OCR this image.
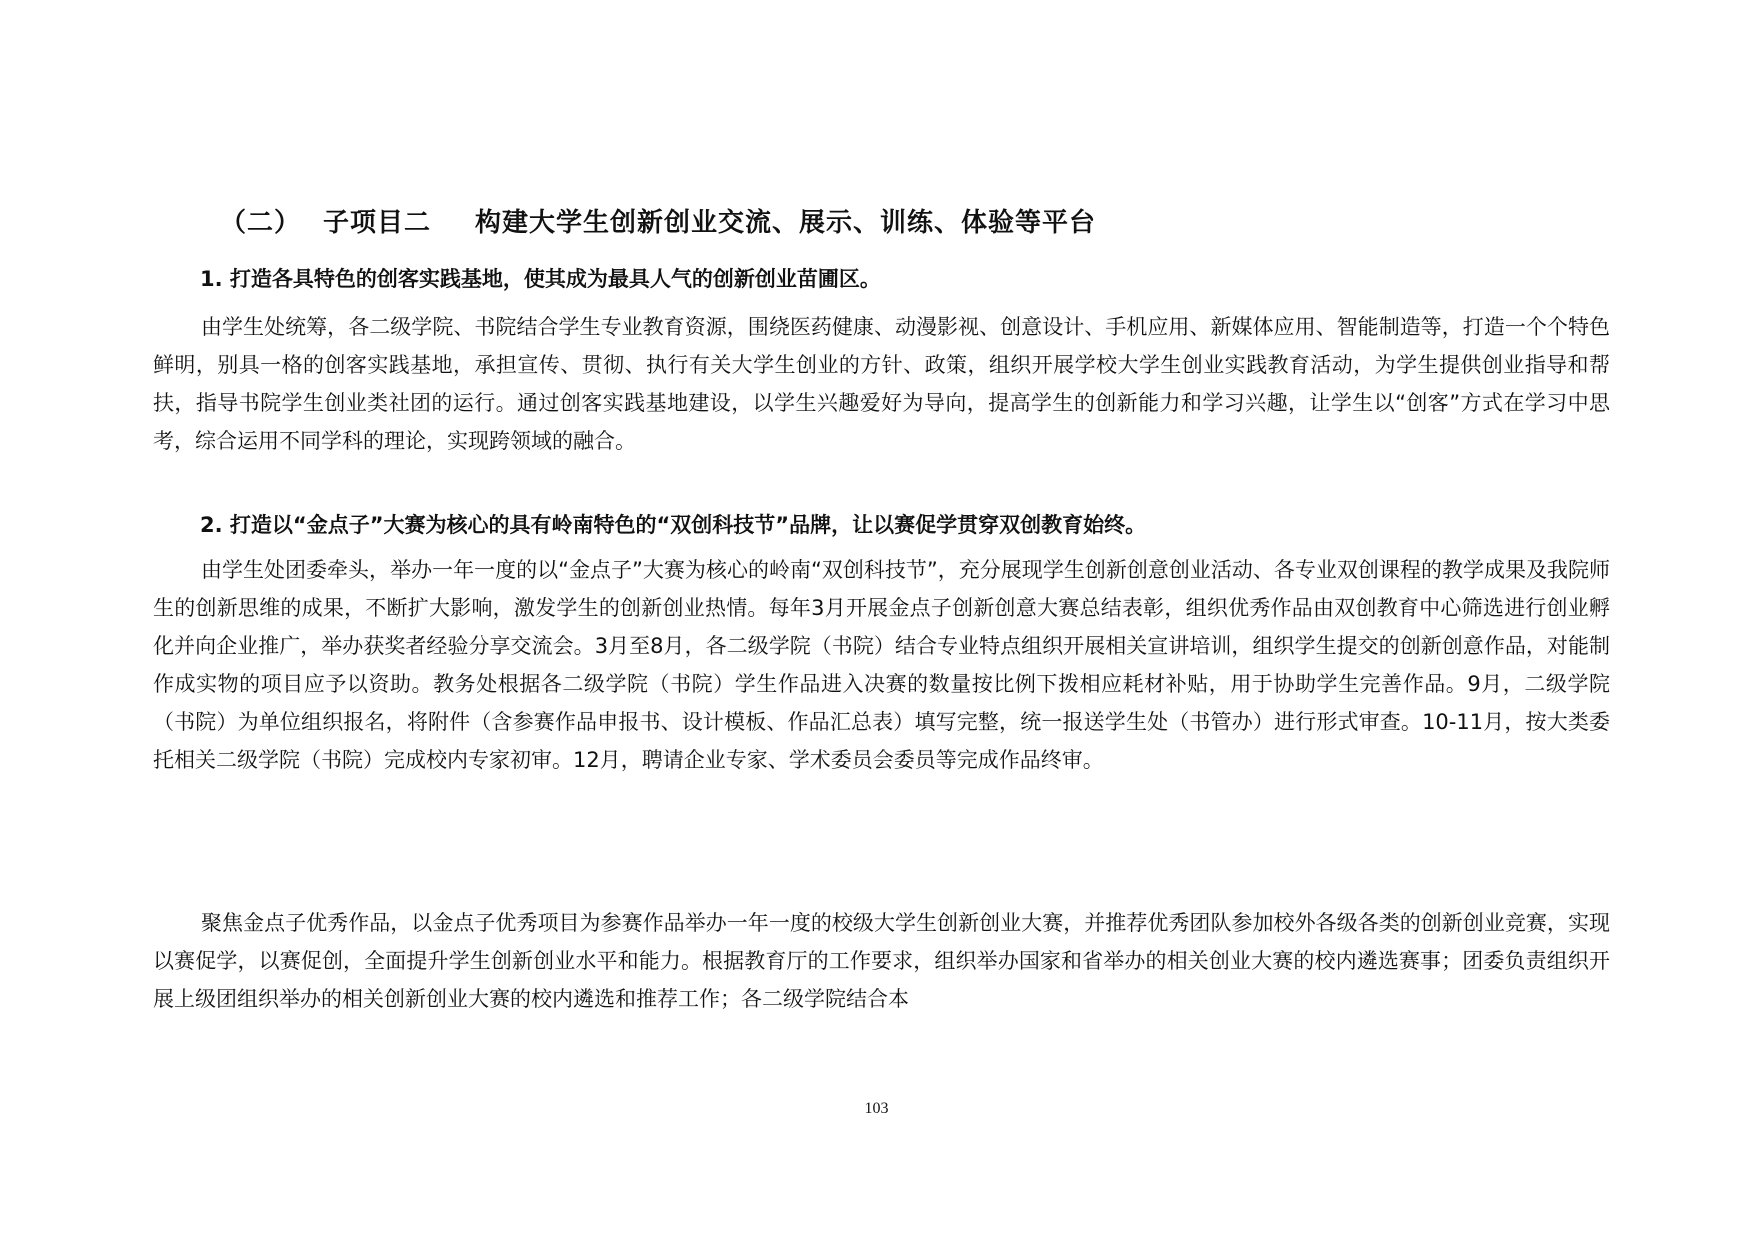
（二） 子项目二 构建大学生创新创业交流、展示、训练、体验等平台
1. 打造各具特色的创客实践基地，使其成为最具人气的创新创业苗圃区。
由学生处统筹，各二级学院、书院结合学生专业教育资源，围绕医药健康、动漫影视、创意设计、手机应用、新媒体应用、智能制造等，打造一个个特色鲜明，别具一格的创客实践基地，承担宣传、贯彻、执行有关大学生创业的方针、政策，组织开展学校大学生创业实践教育活动，为学生提供创业指导和帮扶，指导书院学生创业类社团的运行。通过创客实践基地建设，以学生兴趣爱好为导向，提高学生的创新能力和学习兴趣，让学生以“创客”方式在学习中思考，综合运用不同学科的理论，实现跨领域的融合。
2. 打造以“金点子”大赛为核心的具有岭南特色的“双创科技节”品牌，让以赛促学贯穿双创教育始终。
由学生处团委牵头，举办一年一度的以“金点子”大赛为核心的岭南“双创科技节”，充分展现学生创新创意创业活动、各专业双创课程的教学成果及我院师生的创新思维的成果，不断扩大影响，激发学生的创新创业热情。每年3月开展金点子创新创意大赛总结表彰，组织优秀作品由双创教育中心筛选进行创业孵化并向企业推广，举办获奖者经验分享交流会。3月至8月，各二级学院（书院）结合专业特点组织开展相关宣讲培训，组织学生提交的创新创意作品，对能制作成实物的项目应予以资助。教务处根据各二级学院（书院）学生作品进入决赛的数量按比例下拨相应耗材补贴，用于协助学生完善作品。9月，二级学院（书院）为单位组织报名，将附件（含参赛作品申报书、设计模板、作品汇总表）填写完整，统一报送学生处（书管办）进行形式审查。10-11月，按大类委托相关二级学院（书院）完成校内专家初审。12月，聘请企业专家、学术委员会委员等完成作品终审。
聚焦金点子优秀作品，以金点子优秀项目为参赛作品举办一年一度的校级大学生创新创业大赛，并推荐优秀团队参加校外各级各类的创新创业竞赛，实现以赛促学，以赛促创，全面提升学生创新创业水平和能力。根据教育厅的工作要求，组织举办国家和省举办的相关创业大赛的校内遴选赛事；团委负责组织开展上级团组织举办的相关创新创业大赛的校内遴选和推荐工作；各二级学院结合本
103
